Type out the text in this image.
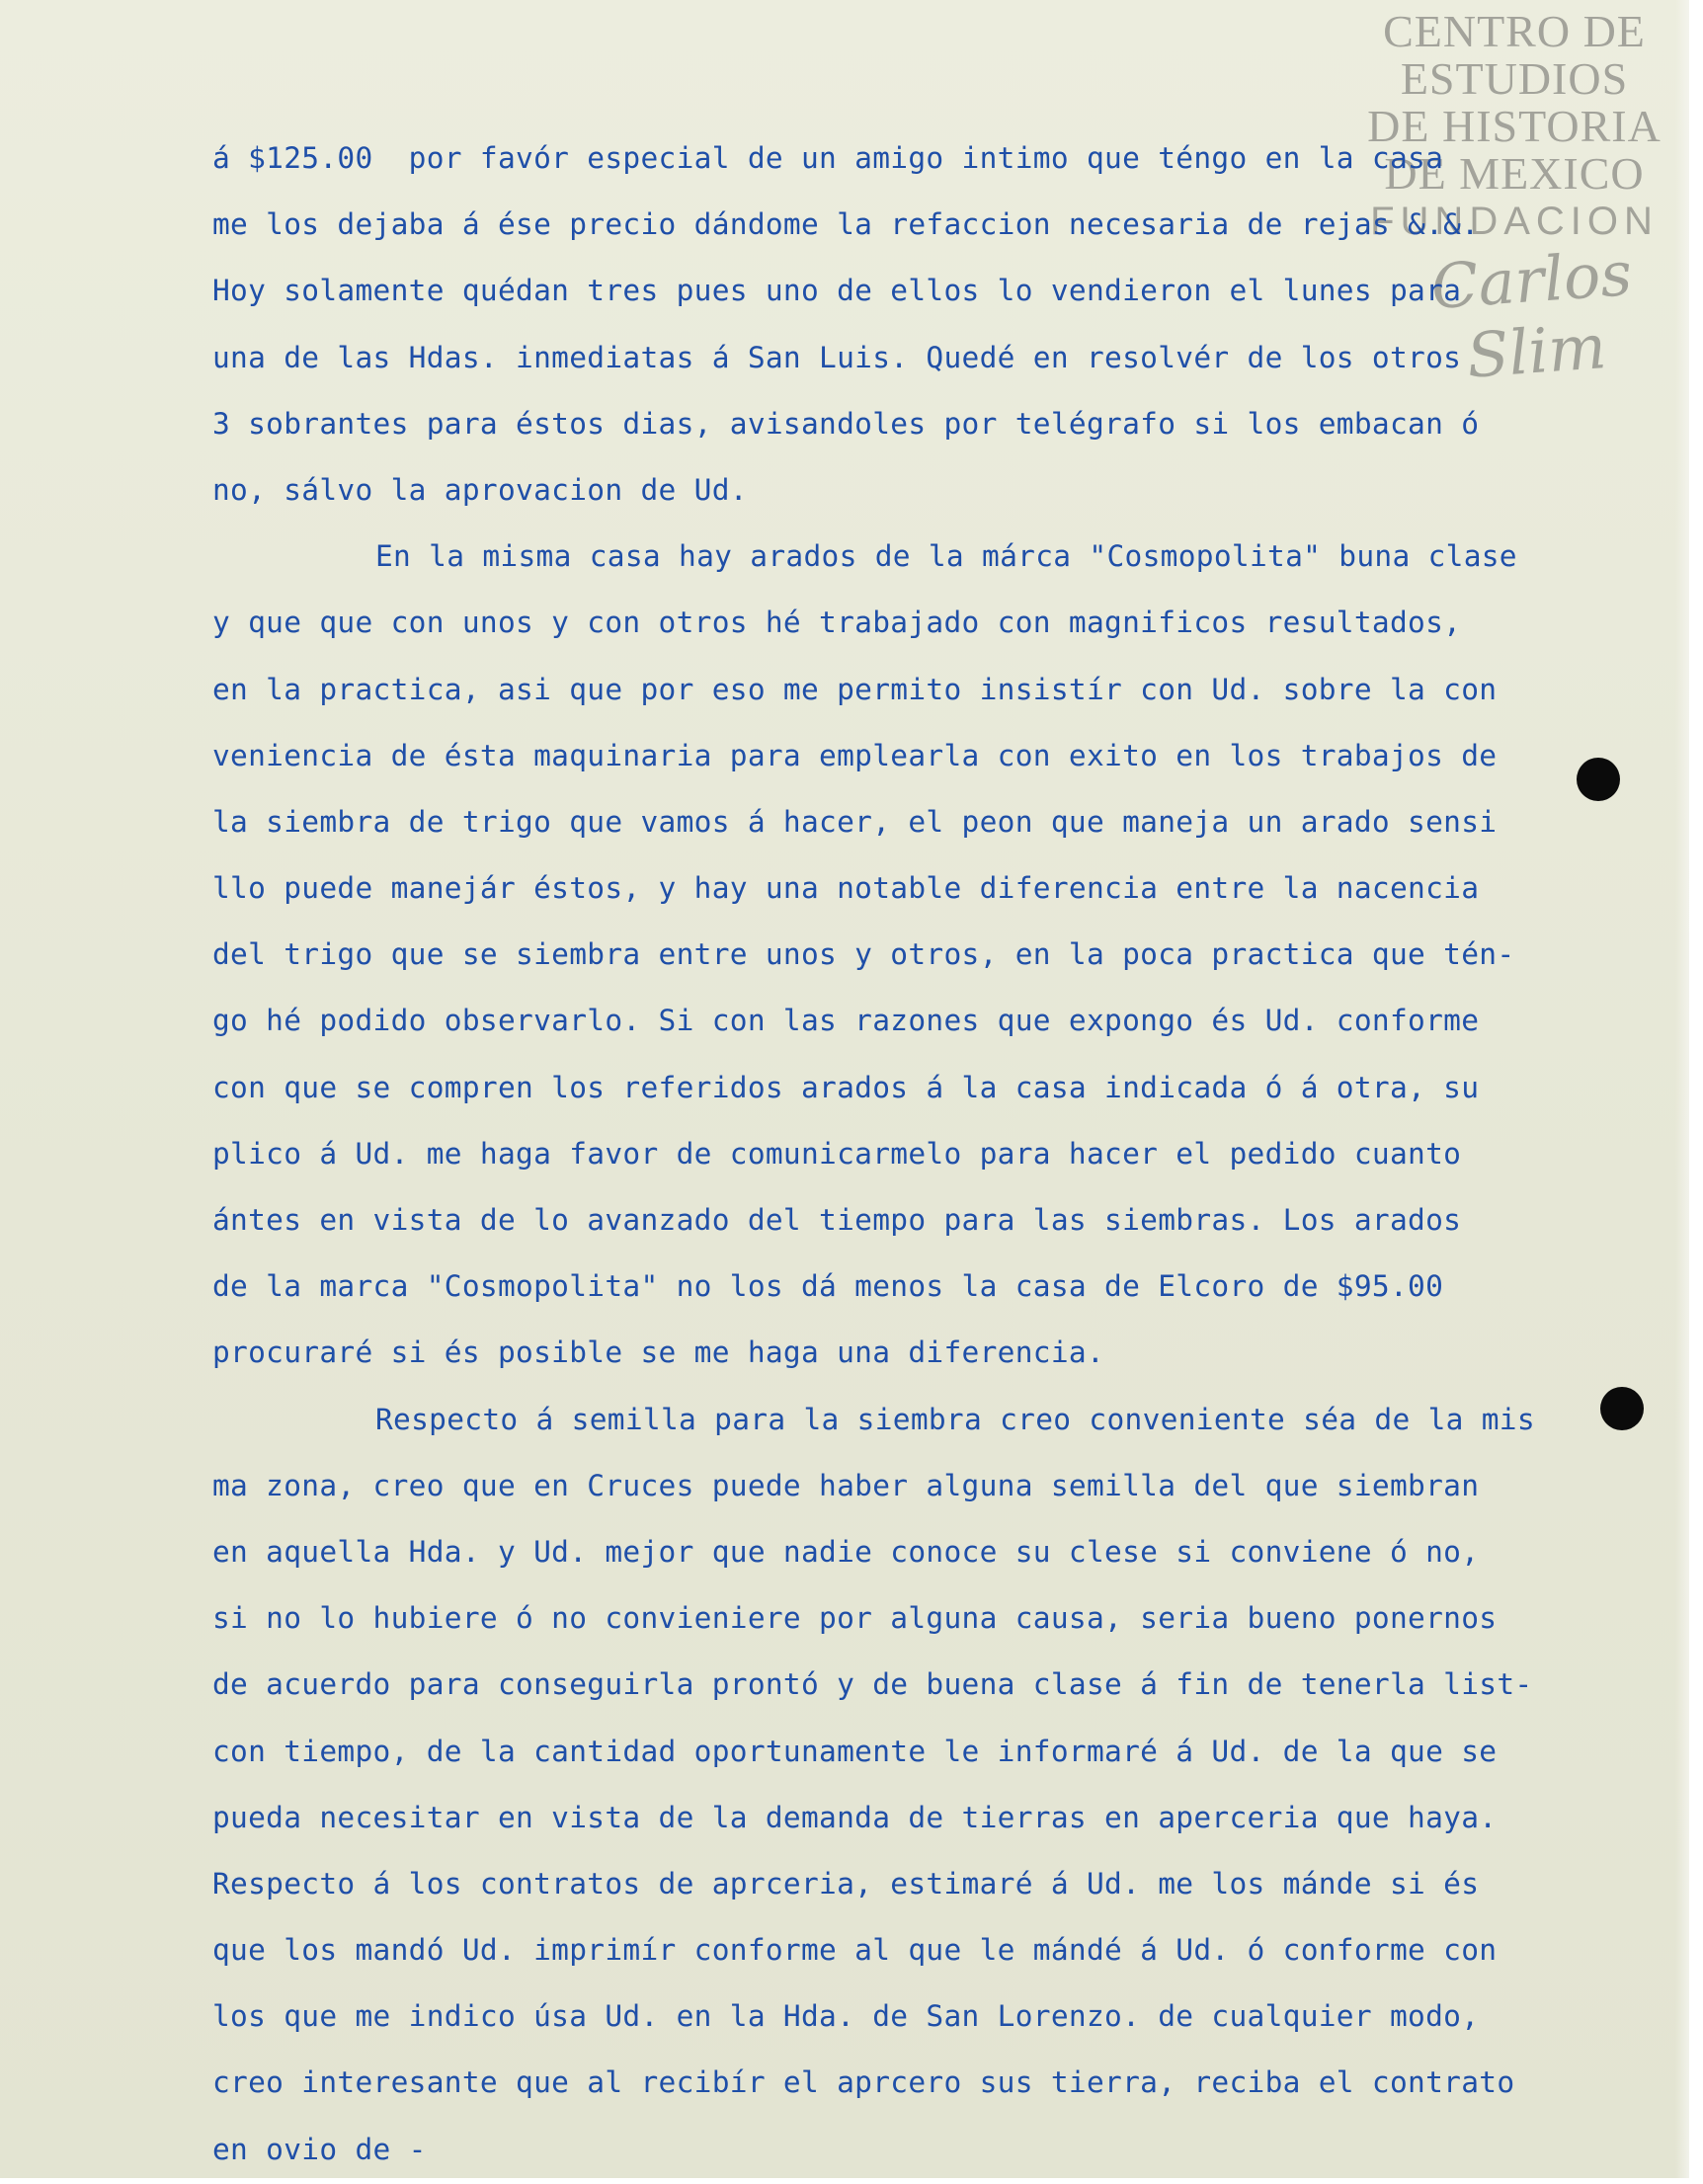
CENTRO DE
ESTUDIOS
DE HISTORIA
DE MEXICO
FUNDACION
Carlos Slim
á $125.00  por favór especial de un amigo intimo que téngo en la casa
me los dejaba á ése precio dándome la refaccion necesaria de rejas &.&.
Hoy solamente quédan tres pues uno de ellos lo vendieron el lunes para
una de las Hdas. inmediatas á San Luis. Quedé en resolvér de los otros
3 sobrantes para éstos dias, avisandoles por telégrafo si los embacan ó
no, sálvo la aprovacion de Ud.
En la misma casa hay arados de la márca "Cosmopolita" buna clase
y que que con unos y con otros hé trabajado con magnificos resultados,
en la practica, asi que por eso me permito insistír con Ud. sobre la con
veniencia de ésta maquinaria para emplearla con exito en los trabajos de
la siembra de trigo que vamos á hacer, el peon que maneja un arado sensi
llo puede manejár éstos, y hay una notable diferencia entre la nacencia
del trigo que se siembra entre unos y otros, en la poca practica que tén-
go hé podido observarlo. Si con las razones que expongo és Ud. conforme
con que se compren los referidos arados á la casa indicada ó á otra, su
plico á Ud. me haga favor de comunicarmelo para hacer el pedido cuanto
ántes en vista de lo avanzado del tiempo para las siembras. Los arados
de la marca "Cosmopolita" no los dá menos la casa de Elcoro de $95.00
procuraré si és posible se me haga una diferencia.
Respecto á semilla para la siembra creo conveniente séa de la mis
ma zona, creo que en Cruces puede haber alguna semilla del que siembran
en aquella Hda. y Ud. mejor que nadie conoce su clese si conviene ó no,
si no lo hubiere ó no convieniere por alguna causa, seria bueno ponernos
de acuerdo para conseguirla prontó y de buena clase á fin de tenerla list-
con tiempo, de la cantidad oportunamente le informaré á Ud. de la que se
pueda necesitar en vista de la demanda de tierras en aperceria que haya.
Respecto á los contratos de aprceria, estimaré á Ud. me los mánde si és
que los mandó Ud. imprimír conforme al que le mándé á Ud. ó conforme con
los que me indico úsa Ud. en la Hda. de San Lorenzo. de cualquier modo,
creo interesante que al recibír el aprcero sus tierra, reciba el contrato
en ovio de -
